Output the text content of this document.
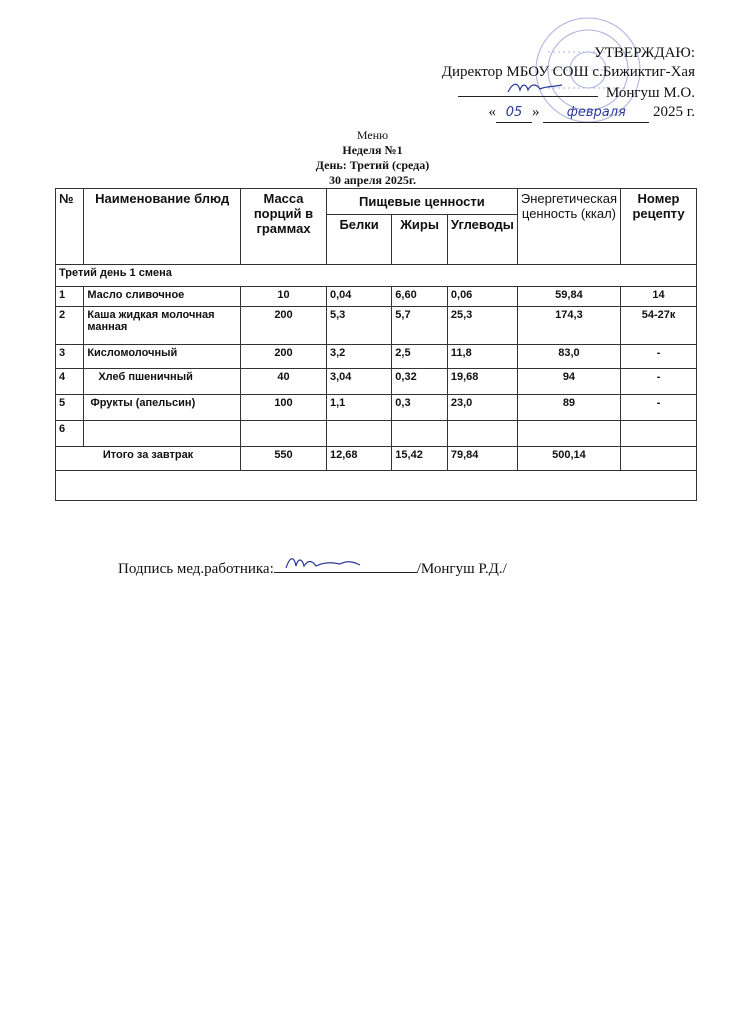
УТВЕРЖДАЮ:
Директор МБОУ СОШ с.Бижиктиг-Хая
Монгуш М.О.
« 05 » февраля 2025 г.
Меню
Неделя №1
День: Третий (среда)
30 апреля 2025г.
№	Наименование блюд	Масса порций в граммах	Пищевые ценности			Энергетическая ценность (ккал)	Номер рецепту
			Белки	Жиры	Углеводы		
Третий день 1 смена							
1	Масло сливочное	10	0,04	6,60	0,06	59,84	14
2	Каша жидкая молочная манная	200	5,3	5,7	25,3	174,3	54-27к
3	Кисломолочный	200	3,2	2,5	11,8	83,0	-
4	Хлеб пшеничный	40	3,04	0,32	19,68	94	-
5	Фрукты (апельсин)	100	1,1	0,3	23,0	89	-
6							
Итого за завтрак		550	12,68	15,42	79,84	500,14	

Подпись мед.работника:	/Монгуш Р.Д./
